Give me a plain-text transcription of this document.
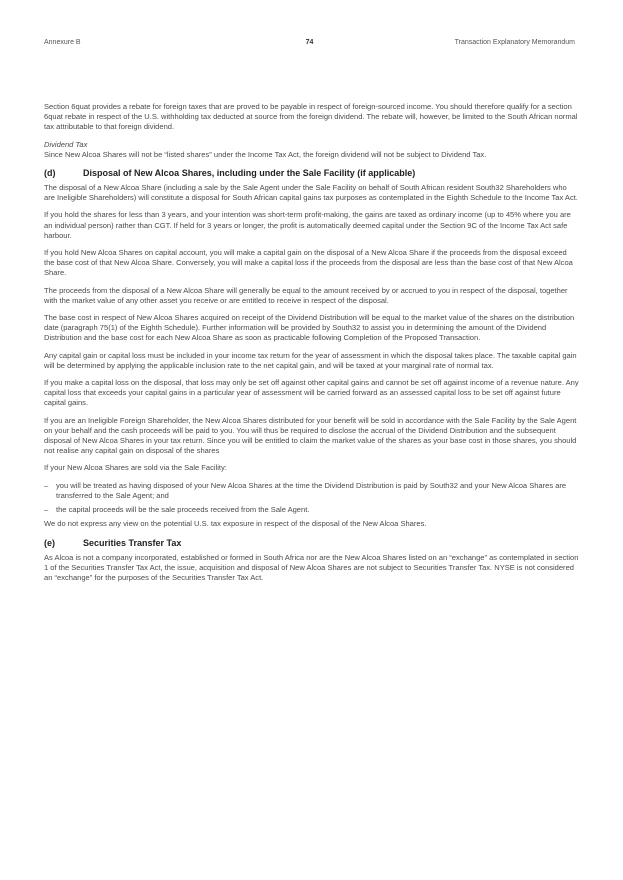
Annexure B	74	Transaction Explanatory Memorandum

Section 6quat provides a rebate for foreign taxes that are proved to be payable in respect of foreign-sourced income. You should therefore qualify for a section 6quat rebate in respect of the U.S. withholding tax deducted at source from the foreign dividend. The rebate will, however, be limited to the South African normal tax attributable to that foreign dividend.

Dividend Tax

Since New Alcoa Shares will not be “listed shares” under the Income Tax Act, the foreign dividend will not be subject to Dividend Tax.

(d)	Disposal of New Alcoa Shares, including under the Sale Facility (if applicable)

The disposal of a New Alcoa Share (including a sale by the Sale Agent under the Sale Facility on behalf of South African resident South32 Shareholders who are Ineligible Shareholders) will constitute a disposal for South African capital gains tax purposes as contemplated in the Eighth Schedule to the Income Tax Act.

If you hold the shares for less than 3 years, and your intention was short-term profit-making, the gains are taxed as ordinary income (up to 45% where you are an individual person) rather than CGT. If held for 3 years or longer, the profit is automatically deemed capital under the Section 9C of the Income Tax Act safe harbour.

If you hold New Alcoa Shares on capital account, you will make a capital gain on the disposal of a New Alcoa Share if the proceeds from the disposal exceed the base cost of that New Alcoa Share. Conversely, you will make a capital loss if the proceeds from the disposal are less than the base cost of that New Alcoa Share.

The proceeds from the disposal of a New Alcoa Share will generally be equal to the amount received by or accrued to you in respect of the disposal, together with the market value of any other asset you receive or are entitled to receive in respect of the disposal.

The base cost in respect of New Alcoa Shares acquired on receipt of the Dividend Distribution will be equal to the market value of the shares on the distribution date (paragraph 75(1) of the Eighth Schedule). Further information will be provided by South32 to assist you in determining the amount of the Dividend Distribution and the base cost for each New Alcoa Share as soon as practicable following Completion of the Proposed Transaction.

Any capital gain or capital loss must be included in your income tax return for the year of assessment in which the disposal takes place. The taxable capital gain will be determined by applying the applicable inclusion rate to the net capital gain, and will be taxed at your marginal rate of normal tax.

If you make a capital loss on the disposal, that loss may only be set off against other capital gains and cannot be set off against income of a revenue nature. Any capital loss that exceeds your capital gains in a particular year of assessment will be carried forward as an assessed capital loss to be set off against future capital gains.

If you are an Ineligible Foreign Shareholder, the New Alcoa Shares distributed for your benefit will be sold in accordance with the Sale Facility by the Sale Agent on your behalf and the cash proceeds will be paid to you. You will thus be required to disclose the accrual of the Dividend Distribution and the subsequent disposal of New Alcoa Shares in your tax return. Since you will be entitled to claim the market value of the shares as your base cost in those shares, you should not realise any capital gain on disposal of the shares

If your New Alcoa Shares are sold via the Sale Facility:

– you will be treated as having disposed of your New Alcoa Shares at the time the Dividend Distribution is paid by South32 and your New Alcoa Shares are transferred to the Sale Agent; and
– the capital proceeds will be the sale proceeds received from the Sale Agent.

We do not express any view on the potential U.S. tax exposure in respect of the disposal of the New Alcoa Shares.

(e)	Securities Transfer Tax

As Alcoa is not a company incorporated, established or formed in South Africa nor are the New Alcoa Shares listed on an “exchange” as contemplated in section 1 of the Securities Transfer Tax Act, the issue, acquisition and disposal of New Alcoa Shares are not subject to Securities Transfer Tax. NYSE is not considered an “exchange” for the purposes of the Securities Transfer Tax Act.
